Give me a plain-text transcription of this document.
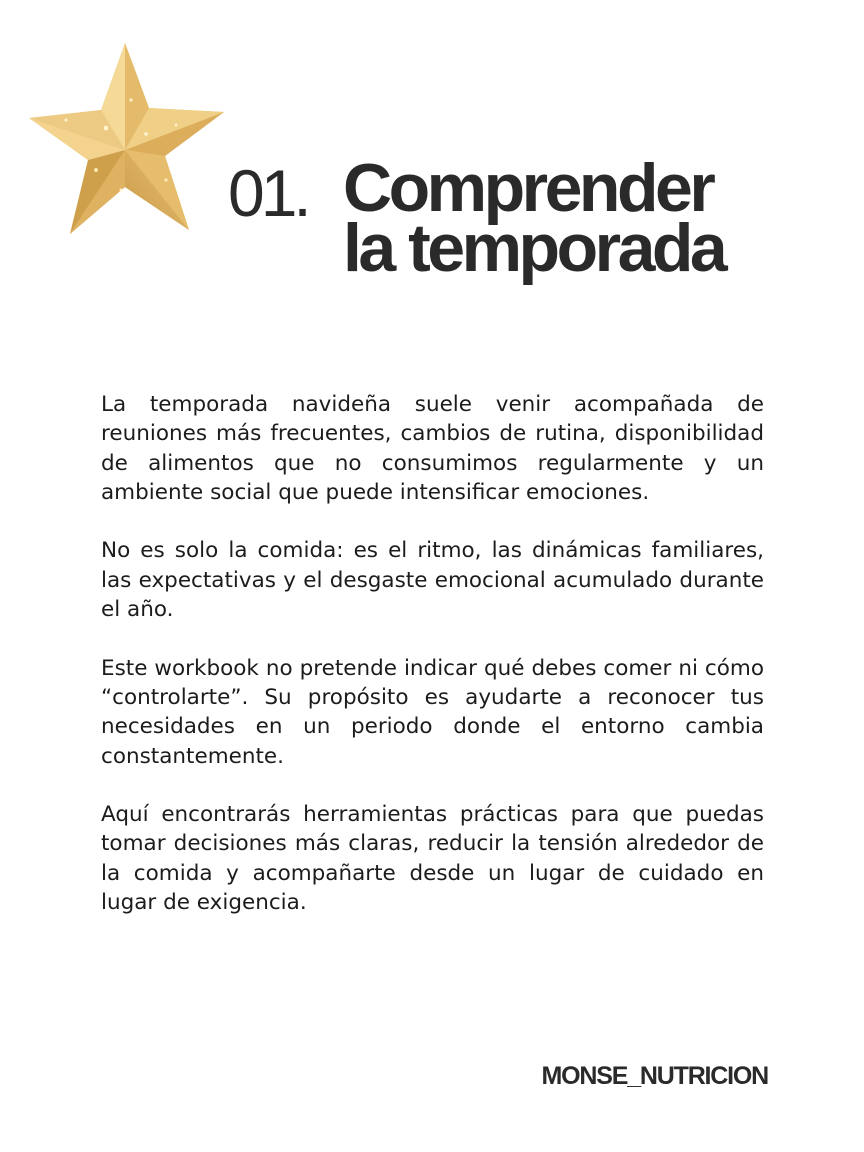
01. Comprender
la temporada

La temporada navideña suele venir acompañada de reuniones más frecuentes, cambios de rutina, disponibilidad de alimentos que no consumimos regularmente y un ambiente social que puede intensificar emociones.

No es solo la comida: es el ritmo, las dinámicas familiares, las expectativas y el desgaste emocional acumulado durante el año.

Este workbook no pretende indicar qué debes comer ni cómo “controlarte”. Su propósito es ayudarte a reconocer tus necesidades en un periodo donde el entorno cambia constantemente.

Aquí encontrarás herramientas prácticas para que puedas tomar decisiones más claras, reducir la tensión alrededor de la comida y acompañarte desde un lugar de cuidado en lugar de exigencia.

MONSE_NUTRICION
